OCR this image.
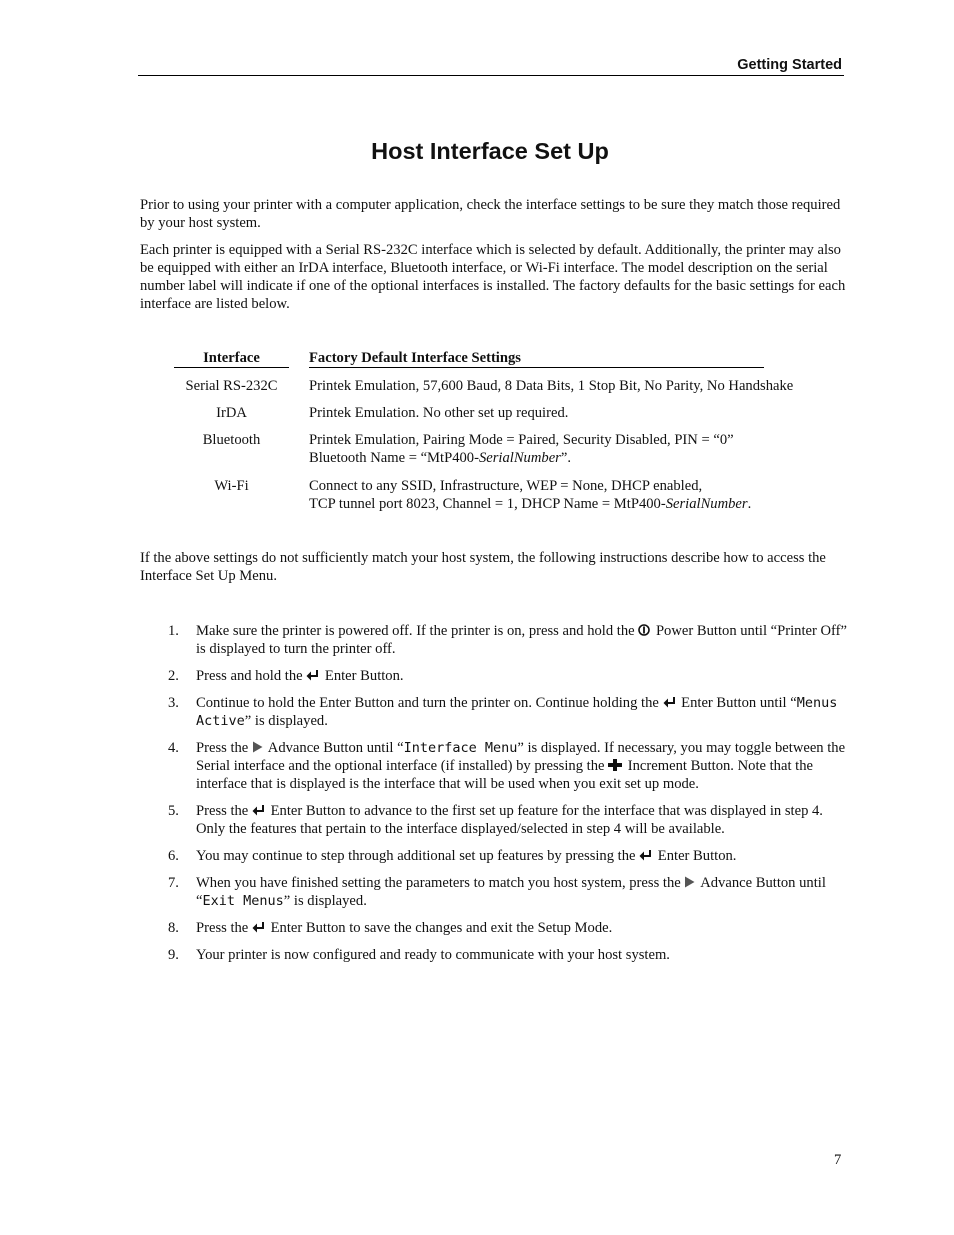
Getting Started
Host Interface Set Up

Prior to using your printer with a computer application, check the interface settings to be sure they match those required by your host system.

Each printer is equipped with a Serial RS-232C interface which is selected by default. Additionally, the printer may also be equipped with either an IrDA interface, Bluetooth interface, or Wi-Fi interface. The model description on the serial number label will indicate if one of the optional interfaces is installed. The factory defaults for the basic settings for each interface are listed below.

Interface	Factory Default Interface Settings
Serial RS-232C	Printek Emulation, 57,600 Baud, 8 Data Bits, 1 Stop Bit, No Parity, No Handshake
IrDA	Printek Emulation. No other set up required.
Bluetooth	Printek Emulation, Pairing Mode = Paired, Security Disabled, PIN = “0”
Bluetooth Name = “MtP400-SerialNumber”.
Wi-Fi	Connect to any SSID, Infrastructure, WEP = None, DHCP enabled,
TCP tunnel port 8023, Channel = 1, DHCP Name = MtP400-SerialNumber.

If the above settings do not sufficiently match your host system, the following instructions describe how to access the Interface Set Up Menu.

1. Make sure the printer is powered off. If the printer is on, press and hold the  Power Button until “Printer Off” is displayed to turn the printer off.
2. Press and hold the  Enter Button.
3. Continue to hold the Enter Button and turn the printer on. Continue holding the  Enter Button until “Menus Active” is displayed.
4. Press the  Advance Button until “Interface Menu” is displayed. If necessary, you may toggle between the Serial interface and the optional interface (if installed) by pressing the  Increment Button. Note that the interface that is displayed is the interface that will be used when you exit set up mode.
5. Press the  Enter Button to advance to the first set up feature for the interface that was displayed in step 4. Only the features that pertain to the interface displayed/selected in step 4 will be available.
6. You may continue to step through additional set up features by pressing the  Enter Button.
7. When you have finished setting the parameters to match you host system, press the  Advance Button until “Exit Menus” is displayed.
8. Press the  Enter Button to save the changes and exit the Setup Mode.
9. Your printer is now configured and ready to communicate with your host system.
7
